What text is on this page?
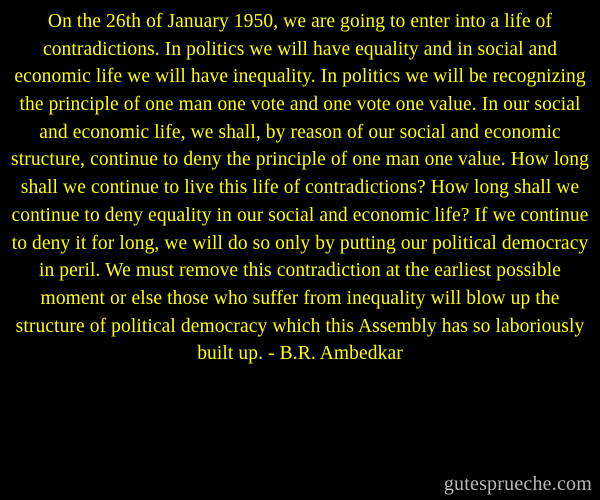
On the 26th of January 1950, we are going to enter into a life of contradictions. In politics we will have equality and in social and economic life we will have inequality. In politics we will be recognizing the principle of one man one vote and one vote one value. In our social and economic life, we shall, by reason of our social and economic structure, continue to deny the principle of one man one value. How long shall we continue to live this life of contradictions? How long shall we continue to deny equality in our social and economic life? If we continue to deny it for long, we will do so only by putting our political democracy in peril. We must remove this contradiction at the earliest possible moment or else those who suffer from inequality will blow up the structure of political democracy which this Assembly has so laboriously built up. - B.R. Ambedkar

gutesprueche.com
